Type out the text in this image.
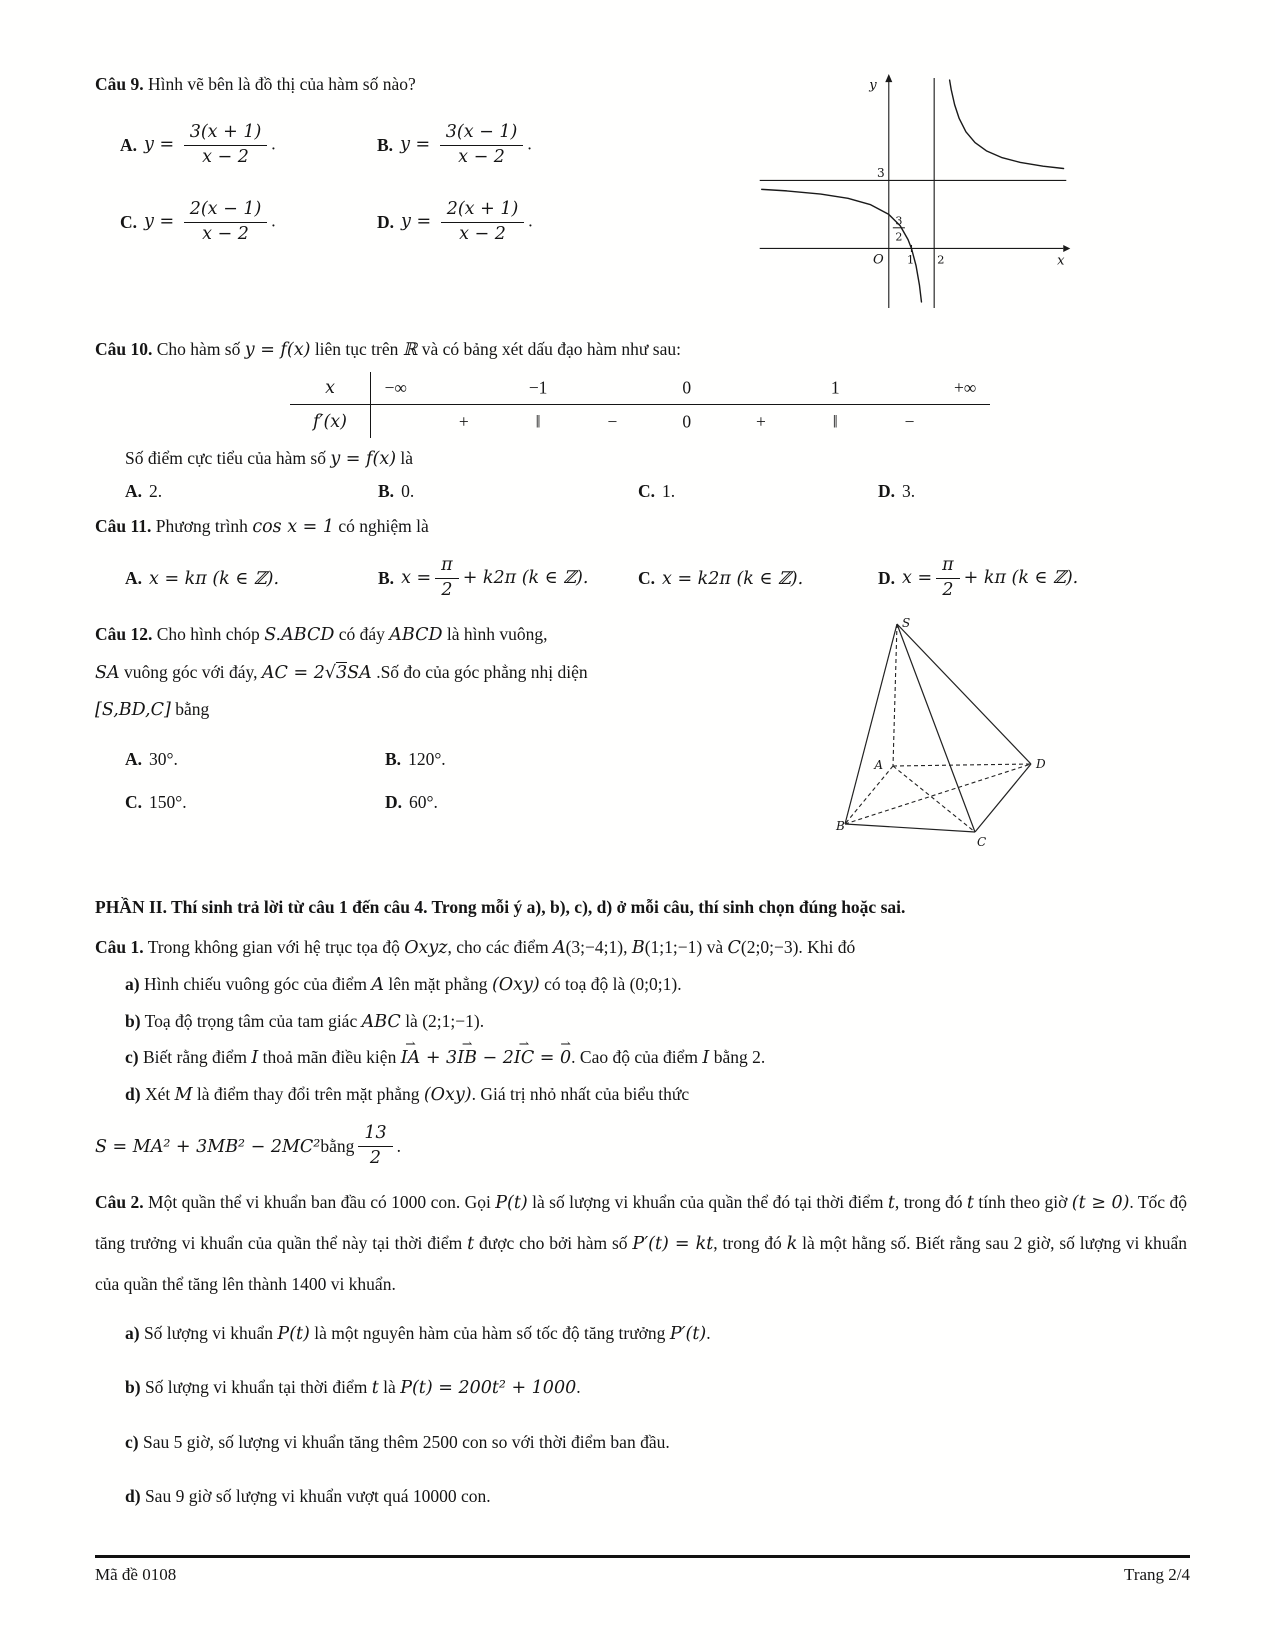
Câu 9. Hình vẽ bên là đồ thị của hàm số nào?

A. $y = \frac{3(x + 1)}{x - 2}$ .	B. $y = \frac{3(x - 1)}{x - 2}$ .
C. $y = \frac{2(x - 1)}{x - 2}$ .	D. $y = \frac{2(x + 1)}{x - 2}$ .
y
x
O 1 2
3
3
2

Câu 10. Cho hàm số y = f(x) liên tục trên ℝ và có bảng xét dấu đạo hàm như sau:

x	−∞	−1	0	1	+∞
f′(x)	+	‖	−	0	+	‖	−

Số điểm cực tiểu của hàm số y = f(x) là

A. 2.	B. 0.	C. 1.	D. 3.

Câu 11. Phương trình cos x = 1 có nghiệm là

A. x = kπ (k ∈ ℤ).	B. $x = \frac{\pi}{2} + k2\pi$ (k ∈ ℤ).	C. x = k2π (k ∈ ℤ).	D. $x = \frac{\pi}{2} + k\pi$ (k ∈ ℤ).

Câu 12. Cho hình chóp S.ABCD có đáy ABCD là hình vuông,
SA vuông góc với đáy, AC = 2√3SA .Số đo của góc phẳng nhị diện
[S,BD,C] bằng

A. 30°.	B. 120°.
C. 150°.	D. 60°.
S
A	D
B
C

PHẦN II. Thí sinh trả lời từ câu 1 đến câu 4. Trong mỗi ý a), b), c), d) ở mỗi câu, thí sinh chọn đúng hoặc sai.

Câu 1. Trong không gian với hệ trục tọa độ Oxyz, cho các điểm A(3;−4;1), B(1;1;−1) và C(2;0;−3). Khi đó

a) Hình chiếu vuông góc của điểm A lên mặt phẳng (Oxy) có toạ độ là (0;0;1).

b) Toạ độ trọng tâm của tam giác ABC là (2;1;−1).

c) Biết rằng điểm I thoả mãn điều kiện IA ⇀ + 3IB ⇀ − 2IC ⇀ = 0 ⇀. Cao độ của điểm I bằng 2.

d) Xét M là điểm thay đổi trên mặt phẳng (Oxy). Giá trị nhỏ nhất của biểu thức

S = MA² + 3MB² − 2MC² bằng $\frac{13}{2}$ .

Câu 2. Một quần thể vi khuẩn ban đầu có 1000 con. Gọi P(t) là số lượng vi khuẩn của quần thể đó tại thời điểm t, trong đó t tính theo giờ (t ≥ 0). Tốc độ tăng trưởng vi khuẩn của quần thể này tại thời điểm t được cho bởi hàm số P′(t) = kt, trong đó k là một hằng số. Biết rằng sau 2 giờ, số lượng vi khuẩn của quần thể tăng lên thành 1400 vi khuẩn.

a) Số lượng vi khuẩn P(t) là một nguyên hàm của hàm số tốc độ tăng trưởng P′(t).

b) Số lượng vi khuẩn tại thời điểm t là P(t) = 200t² + 1000.

c) Sau 5 giờ, số lượng vi khuẩn tăng thêm 2500 con so với thời điểm ban đầu.

d) Sau 9 giờ số lượng vi khuẩn vượt quá 10000 con.

Mã đề 0108	Trang 2/4
